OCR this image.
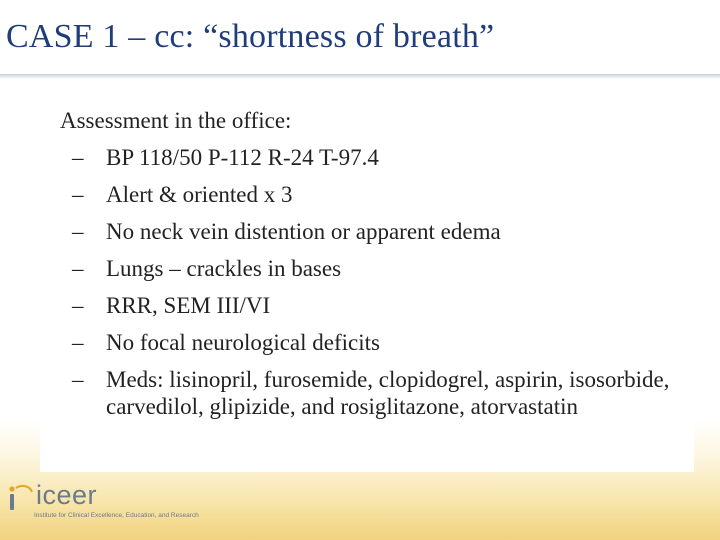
CASE 1 – cc: “shortness of breath”
Assessment in the office:
– BP 118/50 P-112 R-24 T-97.4
– Alert & oriented x 3
– No neck vein distention or apparent edema
– Lungs – crackles in bases
– RRR, SEM III/VI
– No focal neurological deficits
– Meds: lisinopril, furosemide, clopidogrel, aspirin, isosorbide, carvedilol, glipizide, and rosiglitazone, atorvastatin
iceer
Institute for Clinical Excellence, Education, and Research
